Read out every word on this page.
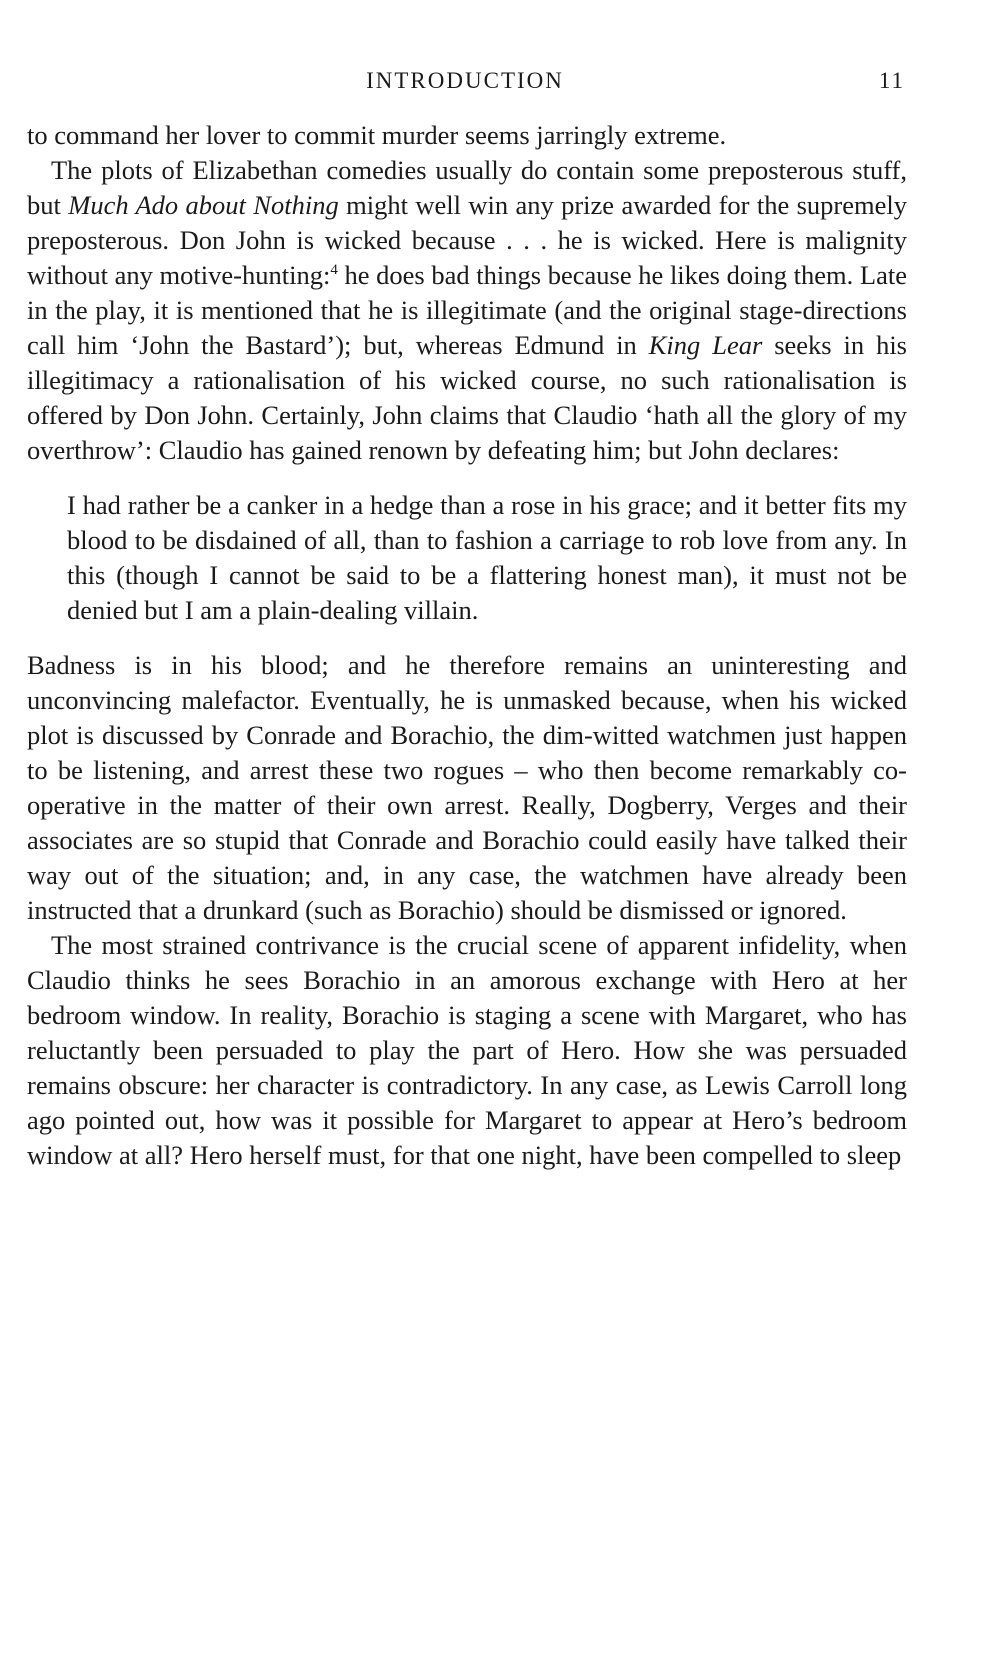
INTRODUCTION	11

to command her lover to commit murder seems jarringly extreme.

The plots of Elizabethan comedies usually do contain some preposterous stuff, but Much Ado about Nothing might well win any prize awarded for the supremely preposterous. Don John is wicked because . . . he is wicked. Here is malignity without any motive-hunting:$^4$ he does bad things because he likes doing them. Late in the play, it is mentioned that he is illegitimate (and the original stage-directions call him ‘John the Bastard’); but, whereas Edmund in King Lear seeks in his illegitimacy a rationalisation of his wicked course, no such rationalisation is offered by Don John. Certainly, John claims that Claudio ‘hath all the glory of my overthrow’: Claudio has gained renown by defeating him; but John declares:

I had rather be a canker in a hedge than a rose in his grace; and it better fits my blood to be disdained of all, than to fashion a carriage to rob love from any. In this (though I cannot be said to be a flattering honest man), it must not be denied but I am a plain-dealing villain.

Badness is in his blood; and he therefore remains an uninteresting and unconvincing malefactor. Eventually, he is unmasked because, when his wicked plot is discussed by Conrade and Borachio, the dim-witted watchmen just happen to be listening, and arrest these two rogues – who then become remarkably co-operative in the matter of their own arrest. Really, Dogberry, Verges and their associates are so stupid that Conrade and Borachio could easily have talked their way out of the situation; and, in any case, the watchmen have already been instructed that a drunkard (such as Borachio) should be dismissed or ignored.

The most strained contrivance is the crucial scene of apparent infidelity, when Claudio thinks he sees Borachio in an amorous exchange with Hero at her bedroom window. In reality, Borachio is staging a scene with Margaret, who has reluctantly been persuaded to play the part of Hero. How she was persuaded remains obscure: her character is contradictory. In any case, as Lewis Carroll long ago pointed out, how was it possible for Margaret to appear at Hero’s bedroom window at all? Hero herself must, for that one night, have been compelled to sleep
